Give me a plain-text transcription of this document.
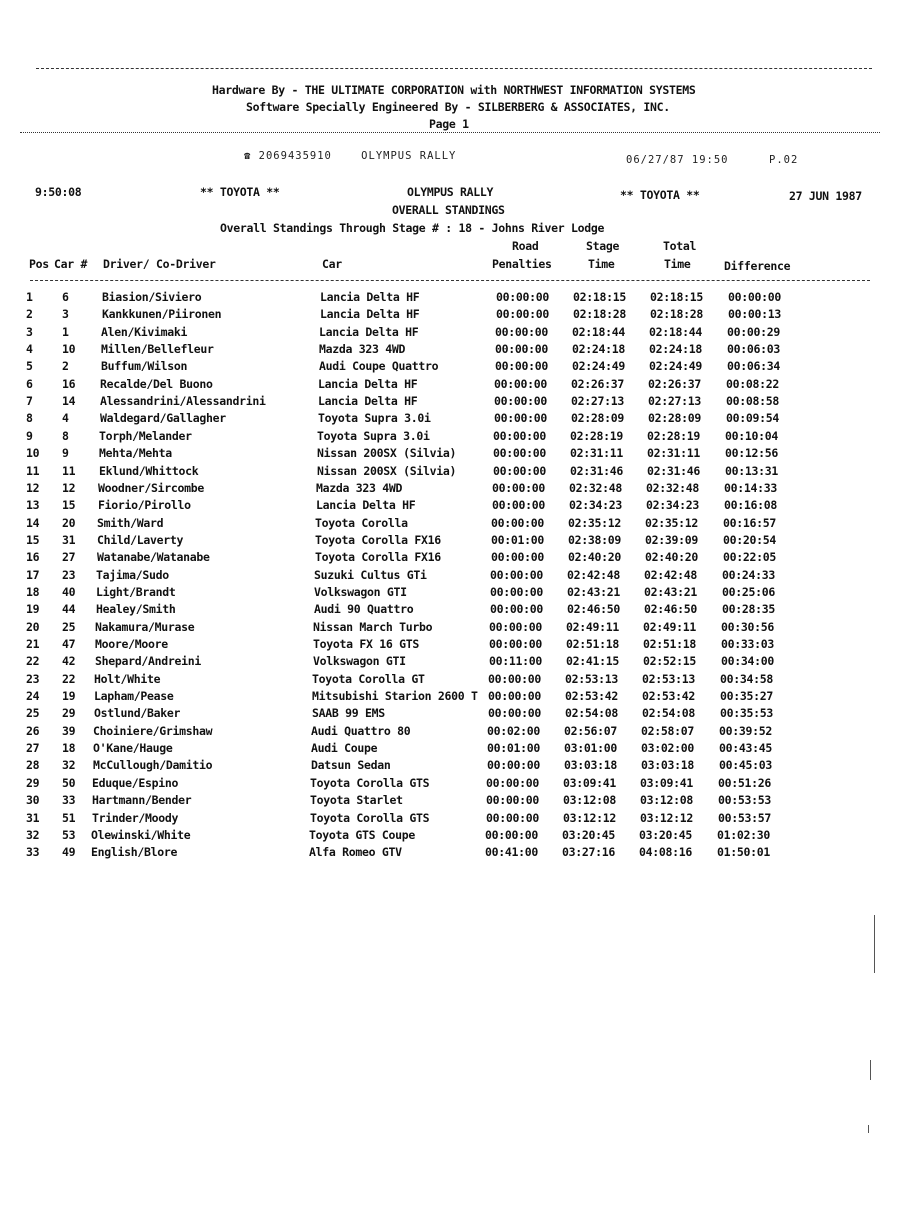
Hardware By - THE ULTIMATE CORPORATION with NORTHWEST INFORMATION SYSTEMS
Software Specially Engineered By - SILBERBERG & ASSOCIATES, INC.
Page 1
☎ 2069435910	OLYMPUS RALLY	06/27/87 19:50	P.02
9:50:08	** TOYOTA **	OLYMPUS RALLY	** TOYOTA **	27 JUN 1987
OVERALL STANDINGS
Overall Standings Through Stage # : 18 - Johns River Lodge
Road	Stage	Total
Pos Car # Driver/ Co-Driver	Car	Penalties	Time	Time	Difference
1	6	Biasion/Siviero	Lancia Delta HF	00:00:00 02:18:15 02:18:15 00:00:00
2	3	Kankkunen/Piironen	Lancia Delta HF	00:00:00 02:18:28 02:18:28 00:00:13
3	1	Alen/Kivimaki	Lancia Delta HF	00:00:00 02:18:44 02:18:44 00:00:29
4	10 Millen/Bellefleur	Mazda 323 4WD	00:00:00 02:24:18 02:24:18 00:06:03
5	2	Buffum/Wilson	Audi Coupe Quattro	00:00:00 02:24:49 02:24:49 00:06:34
6	16 Recalde/Del Buono	Lancia Delta HF	00:00:00 02:26:37 02:26:37 00:08:22
7	14 Alessandrini/Alessandrini	Lancia Delta HF	00:00:00 02:27:13 02:27:13 00:08:58
8	4	Waldegard/Gallagher	Toyota Supra 3.0i	00:00:00 02:28:09 02:28:09 00:09:54
9	8	Torph/Melander	Toyota Supra 3.0i	00:00:00 02:28:19 02:28:19 00:10:04
10 9	Mehta/Mehta	Nissan 200SX (Silvia)	00:00:00 02:31:11 02:31:11 00:12:56
11 11 Eklund/Whittock	Nissan 200SX (Silvia)	00:00:00 02:31:46 02:31:46 00:13:31
12 12 Woodner/Sircombe	Mazda 323 4WD	00:00:00 02:32:48 02:32:48 00:14:33
13 15 Fiorio/Pirollo	Lancia Delta HF	00:00:00 02:34:23 02:34:23 00:16:08
14 20 Smith/Ward	Toyota Corolla	00:00:00 02:35:12 02:35:12 00:16:57
15 31 Child/Laverty	Toyota Corolla FX16	00:01:00 02:38:09 02:39:09 00:20:54
16 27 Watanabe/Watanabe	Toyota Corolla FX16	00:00:00 02:40:20 02:40:20 00:22:05
17 23 Tajima/Sudo	Suzuki Cultus GTi	00:00:00 02:42:48 02:42:48 00:24:33
18 40 Light/Brandt	Volkswagon GTI	00:00:00 02:43:21 02:43:21 00:25:06
19 44 Healey/Smith	Audi 90 Quattro	00:00:00 02:46:50 02:46:50 00:28:35
20 25 Nakamura/Murase	Nissan March Turbo	00:00:00 02:49:11 02:49:11 00:30:56
21 47 Moore/Moore	Toyota FX 16 GTS	00:00:00 02:51:18 02:51:18 00:33:03
22 42 Shepard/Andreini	Volkswagon GTI	00:11:00 02:41:15 02:52:15 00:34:00
23 22 Holt/White	Toyota Corolla GT	00:00:00 02:53:13 02:53:13 00:34:58
24 19 Lapham/Pease	Mitsubishi Starion 2600 T 00:00:00 02:53:42 02:53:42 00:35:27
25 29 Ostlund/Baker	SAAB 99 EMS	00:00:00 02:54:08 02:54:08 00:35:53
26 39 Choiniere/Grimshaw	Audi Quattro 80	00:02:00 02:56:07 02:58:07 00:39:52
27 18 O'Kane/Hauge	Audi Coupe	00:01:00 03:01:00 03:02:00 00:43:45
28 32 McCullough/Damitio	Datsun Sedan	00:00:00 03:03:18 03:03:18 00:45:03
29 50 Eduque/Espino	Toyota Corolla GTS	00:00:00 03:09:41 03:09:41 00:51:26
30 33 Hartmann/Bender	Toyota Starlet	00:00:00 03:12:08 03:12:08 00:53:53
31 51 Trinder/Moody	Toyota Corolla GTS	00:00:00 03:12:12 03:12:12 00:53:57
32 53 Olewinski/White	Toyota GTS Coupe	00:00:00 03:20:45 03:20:45 01:02:30
33 49 English/Blore	Alfa Romeo GTV	00:41:00 03:27:16 04:08:16 01:50:01
